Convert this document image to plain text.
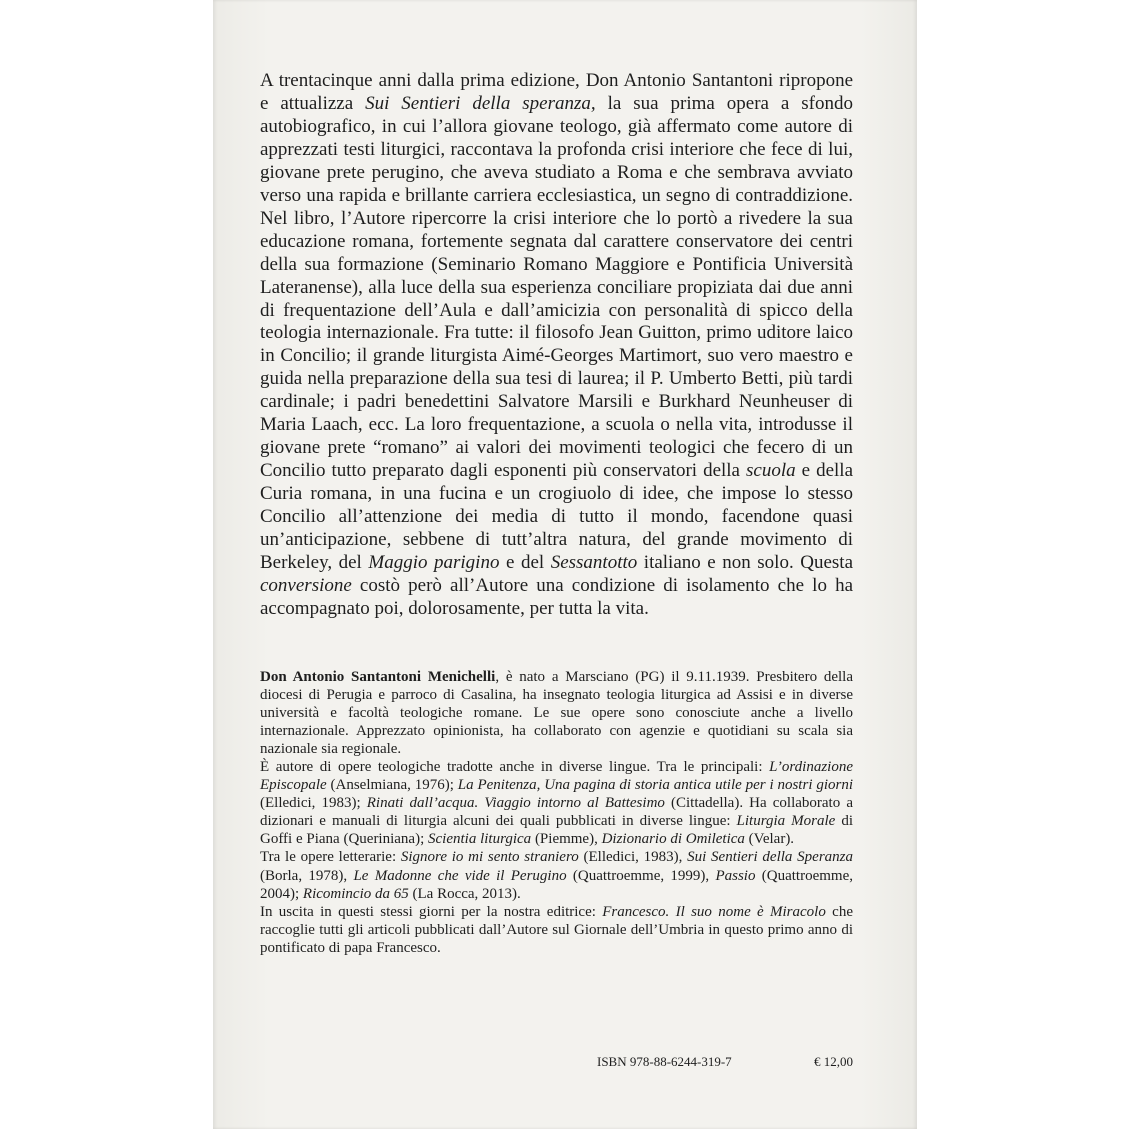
A trentacinque anni dalla prima edizione, Don Antonio Santantoni ripropone e attualizza Sui Sentieri della speranza, la sua prima opera a sfondo autobiografico, in cui l’allora giovane teologo, già affermato come autore di apprezzati testi liturgici, raccontava la profonda crisi interiore che fece di lui, giovane prete perugino, che aveva studiato a Roma e che sembrava avviato verso una rapida e brillante carriera ecclesiastica, un segno di contraddizione. Nel libro, l’Autore ripercorre la crisi interiore che lo portò a rivedere la sua educazione romana, fortemente segnata dal carattere conservatore dei centri della sua formazione (Seminario Romano Maggiore e Pontificia Università Lateranense), alla luce della sua esperienza conciliare propiziata dai due anni di frequentazione dell’Aula e dall’amicizia con personalità di spicco della teologia internazionale. Fra tutte: il filosofo Jean Guitton, primo uditore laico in Concilio; il grande liturgista Aimé-Georges Martimort, suo vero maestro e guida nella preparazione della sua tesi di laurea; il P. Umberto Betti, più tardi cardinale; i padri benedettini Salvatore Marsili e Burkhard Neunheuser di Maria Laach, ecc. La loro frequentazione, a scuola o nella vita, introdusse il giovane prete “romano” ai valori dei movimenti teologici che fecero di un Concilio tutto preparato dagli esponenti più conservatori della scuola e della Curia romana, in una fucina e un crogiuolo di idee, che impose lo stesso Concilio all’attenzione dei media di tutto il mondo, facendone quasi un’anticipazione, sebbene di tutt’altra natura, del grande movimento di Berkeley, del Maggio parigino e del Sessantotto italiano e non solo. Questa conversione costò però all’Autore una condizione di isolamento che lo ha accompagnato poi, dolorosamente, per tutta la vita.

Don Antonio Santantoni Menichelli, è nato a Marsciano (PG) il 9.11.1939. Presbitero della diocesi di Perugia e parroco di Casalina, ha insegnato teologia liturgica ad Assisi e in diverse università e facoltà teologiche romane. Le sue opere sono conosciute anche a livello internazionale. Apprezzato opinionista, ha collaborato con agenzie e quotidiani su scala sia nazionale sia regionale.

È autore di opere teologiche tradotte anche in diverse lingue. Tra le principali: L’ordinazione Episcopale (Anselmiana, 1976); La Penitenza, Una pagina di storia antica utile per i nostri giorni (Elledici, 1983); Rinati dall’acqua. Viaggio intorno al Battesimo (Cittadella). Ha collaborato a dizionari e manuali di liturgia alcuni dei quali pubblicati in diverse lingue: Liturgia Morale di Goffi e Piana (Queriniana); Scientia liturgica (Piemme), Dizionario di Omiletica (Velar).

Tra le opere letterarie: Signore io mi sento straniero (Elledici, 1983), Sui Sentieri della Speranza (Borla, 1978), Le Madonne che vide il Perugino (Quattroemme, 1999), Passio (Quattroemme, 2004); Ricomincio da 65 (La Rocca, 2013).

In uscita in questi stessi giorni per la nostra editrice: Francesco. Il suo nome è Miracolo che raccoglie tutti gli articoli pubblicati dall’Autore sul Giornale dell’Umbria in questo primo anno di pontificato di papa Francesco.

ISBN 978-88-6244-319-7	€ 12,00
